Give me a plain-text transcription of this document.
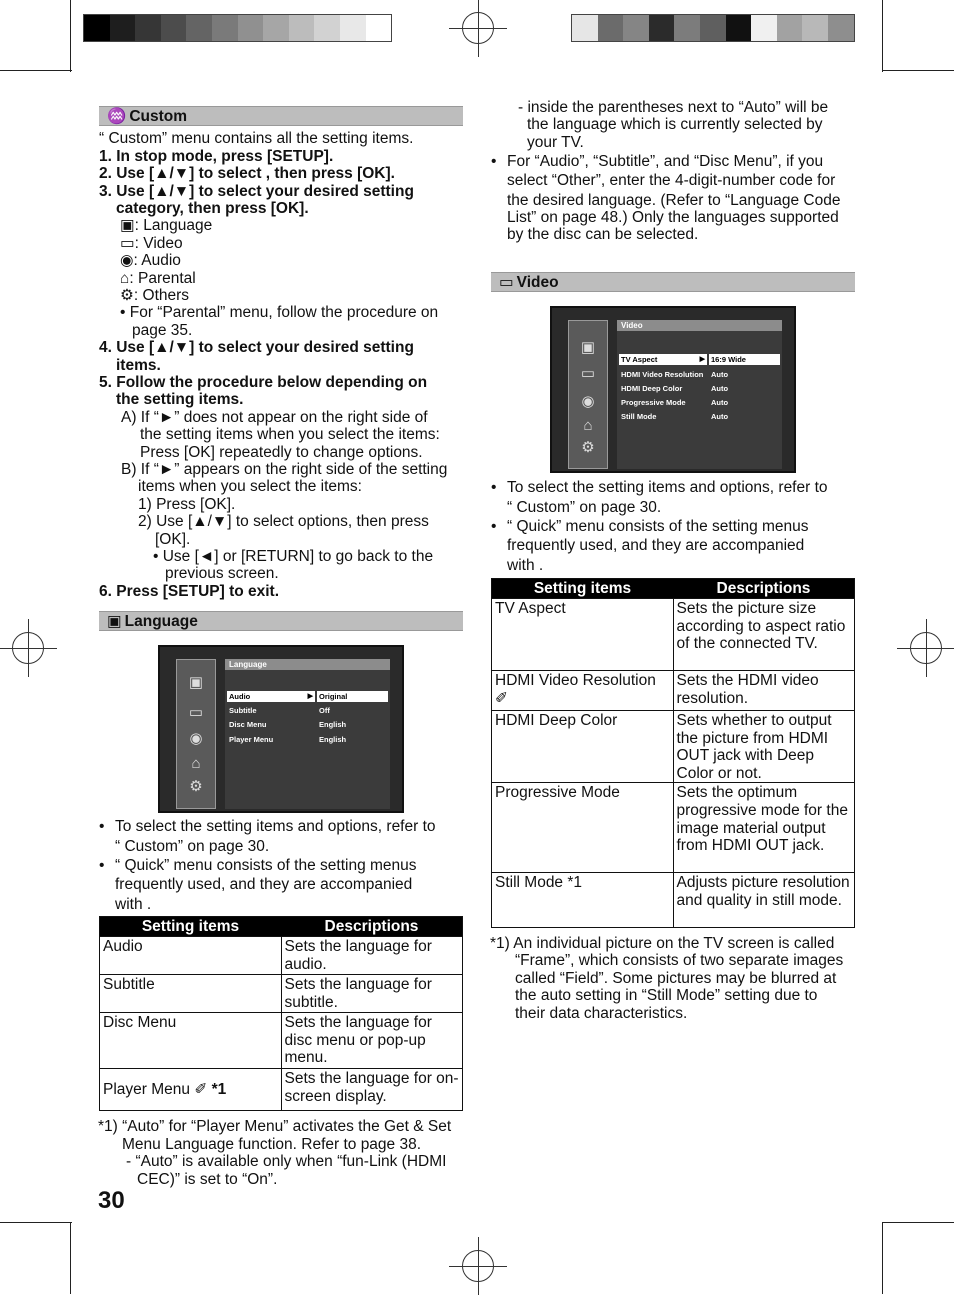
♒ Custom
“ Custom” menu contains all the setting items.
1. In stop mode, press [SETUP].
2. Use [▲/▼] to select , then press [OK].
3. Use [▲/▼] to select your desired setting
category, then press [OK].
▣: Language
▭: Video
◉: Audio
⌂: Parental
⚙: Others
• For “Parental” menu, follow the procedure on
page 35.
4. Use [▲/▼] to select your desired setting
items.
5. Follow the procedure below depending on
the setting items.
A) If “►” does not appear on the right side of
the setting items when you select the items:
Press [OK] repeatedly to change options.
B) If “►” appears on the right side of the setting
items when you select the items:
1) Press [OK].
2) Use [▲/▼] to select options, then press
[OK].
• Use [◄] or [RETURN] to go back to the
previous screen.
6. Press [SETUP] to exit.
▣ Language
▣
▭
◉
⌂
⚙
Language
Audio ▶	Original
Subtitle	Off
Disc Menu	English
Player Menu	English
• To select the setting items and options, refer to
“ Custom” on page 30.
• “ Quick” menu consists of the setting menus
frequently used, and they are accompanied
with .
Setting items	Descriptions
Audio	Sets the language for audio.
Subtitle	Sets the language for subtitle.
Disc Menu	Sets the language for disc menu or pop-up menu.
Player Menu ✐ *1	Sets the language for on-screen display.
*1) “Auto” for “Player Menu” activates the Get & Set
Menu Language function. Refer to page 38.
- “Auto” is available only when “fun-Link (HDMI
CEC)” is set to “On”.
30
- inside the parentheses next to “Auto” will be
the language which is currently selected by
your TV.
• For “Audio”, “Subtitle”, and “Disc Menu”, if you
select “Other”, enter the 4-digit-number code for
the desired language. (Refer to “Language Code
List” on page 48.) Only the languages supported
by the disc can be selected.
▭ Video
▣
▭
◉
⌂
⚙
Video
TV Aspect ▶	16:9 Wide
HDMI Video Resolution	Auto
HDMI Deep Color	Auto
Progressive Mode	Auto
Still Mode	Auto
• To select the setting items and options, refer to
“ Custom” on page 30.
• “ Quick” menu consists of the setting menus
frequently used, and they are accompanied
with .
Setting items	Descriptions
TV Aspect	Sets the picture size according to aspect ratio of the connected TV.
HDMI Video Resolution
✐	Sets the HDMI video resolution.
HDMI Deep Color	Sets whether to output the picture from HDMI OUT jack with Deep Color or not.
Progressive Mode	Sets the optimum progressive mode for the image material output from HDMI OUT jack.
Still Mode *1	Adjusts picture resolution and quality in still mode.
*1) An individual picture on the TV screen is called
“Frame”, which consists of two separate images
called “Field”. Some pictures may be blurred at
the auto setting in “Still Mode” setting due to
their data characteristics.
